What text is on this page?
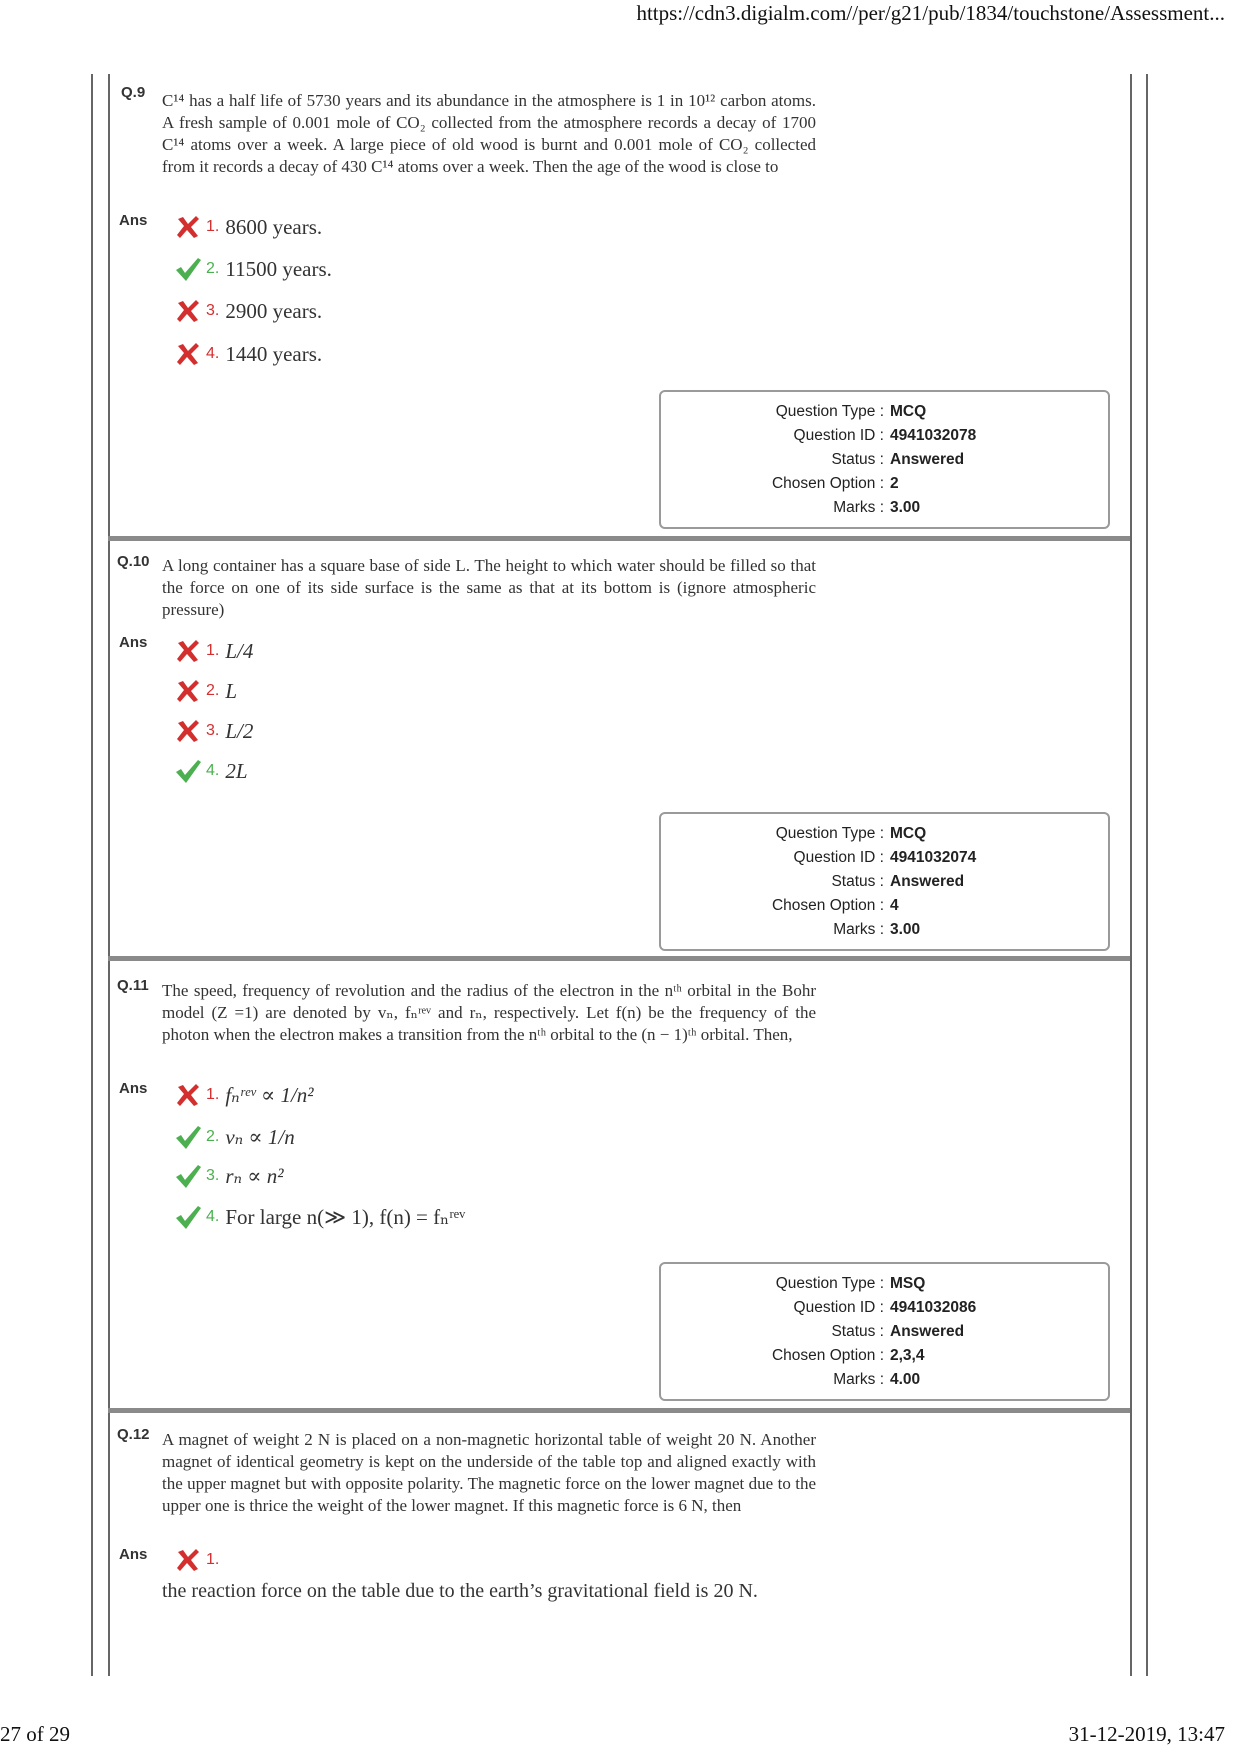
https://cdn3.digialm.com//per/g21/pub/1834/touchstone/Assessment...
Q.9 C¹⁴ has a half life of 5730 years and its abundance in the atmosphere is 1 in 10¹² carbon atoms. A fresh sample of 0.001 mole of CO₂ collected from the atmosphere records a decay of 1700 C¹⁴ atoms over a week. A large piece of old wood is burnt and 0.001 mole of CO₂ collected from it records a decay of 430 C¹⁴ atoms over a week. Then the age of the wood is close to
Ans	1. 8600 years.
2. 11500 years.
3. 2900 years.
4. 1440 years.
Question Type : MCQ
Question ID : 4941032078
Status : Answered
Chosen Option : 2
Marks : 3.00
Q.10 A long container has a square base of side L. The height to which water should be filled so that the force on one of its side surface is the same as that at its bottom is (ignore atmospheric pressure)
Ans	1. L/4
2. L
3. L/2
4. 2L
Question Type : MCQ
Question ID : 4941032074
Status : Answered
Chosen Option : 4
Marks : 3.00
Q.11 The speed, frequency of revolution and the radius of the electron in the nᵗʰ orbital in the Bohr model (Z =1) are denoted by vₙ, fₙʳᵉᵛ and rₙ, respectively. Let f(n) be the frequency of the photon when the electron makes a transition from the nᵗʰ orbital to the (n − 1)ᵗʰ orbital. Then,
Ans	1. fₙʳᵉᵛ ∝ 1/n²
2. vₙ ∝ 1/n
3. rₙ ∝ n²
4. For large n(≫ 1), f(n) = fₙʳᵉᵛ
Question Type : MSQ
Question ID : 4941032086
Status : Answered
Chosen Option : 2,3,4
Marks : 4.00
Q.12 A magnet of weight 2 N is placed on a non-magnetic horizontal table of weight 20 N. Another magnet of identical geometry is kept on the underside of the table top and aligned exactly with the upper magnet but with opposite polarity. The magnetic force on the lower magnet due to the upper one is thrice the weight of the lower magnet. If this magnetic force is 6 N, then
Ans	1.
the reaction force on the table due to the earth’s gravitational field is 20 N.
27 of 29	31-12-2019, 13:47
